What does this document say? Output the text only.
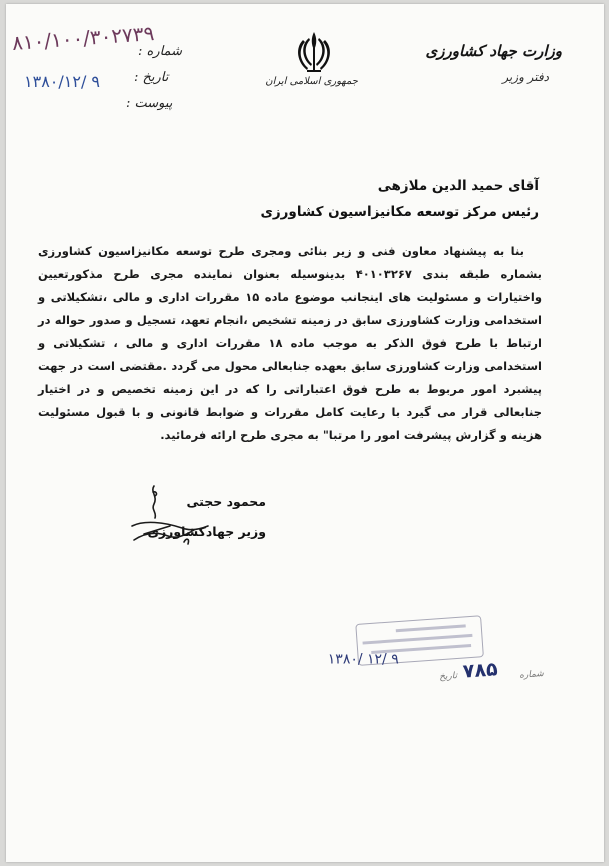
وزارت جهاد کشاورزی
دفتر وزیر
جمهوری اسلامی ایران
شماره :
تاریخ :
پیوست :
۸۱۰/۱۰۰/۳۰۲۷۳۹
۱۳۸۰/۱۲/ ۹
آقای حمید الدین ملازهی
رئیس مرکز توسعه مکانیزاسیون کشاورزی

بنا به پیشنهاد معاون فنی و زیر بنائی ومجری طرح توسعه مکانیزاسیون کشاورزی بشماره طبقه بندی ۴۰۱۰۳۲۶۷ بدینوسیله بعنوان نماینده مجری طرح مذکورتعیین واختیارات و مسئولیت های اینجانب موضوع ماده ۱۵ مقررات اداری و مالی ،تشکیلاتی و استخدامی وزارت کشاورزی سابق در زمینه تشخیص ،انجام تعهد، تسجیل و صدور حواله در ارتباط با طرح فوق الذکر به موجب ماده ۱۸ مقررات اداری و مالی ، تشکیلاتی و استخدامی وزارت کشاورزی سابق بعهده جنابعالی محول می گردد .مقتضی است در جهت پیشبرد امور مربوط به طرح فوق اعتباراتی را که در این زمینه تخصیص و در اختیار جنابعالی قرار می گیرد با رعایت کامل مقررات و ضوابط قانونی و با قبول مسئولیت هزینه و گزارش پیشرفت امور را مرتبا" به مجری طرح ارائه فرمائید.

محمود حجتی
وزیر جهادکشاورزی
شماره
۷۸۵
تاریخ
۱۳۸۰/ ۱۲/ ۹
